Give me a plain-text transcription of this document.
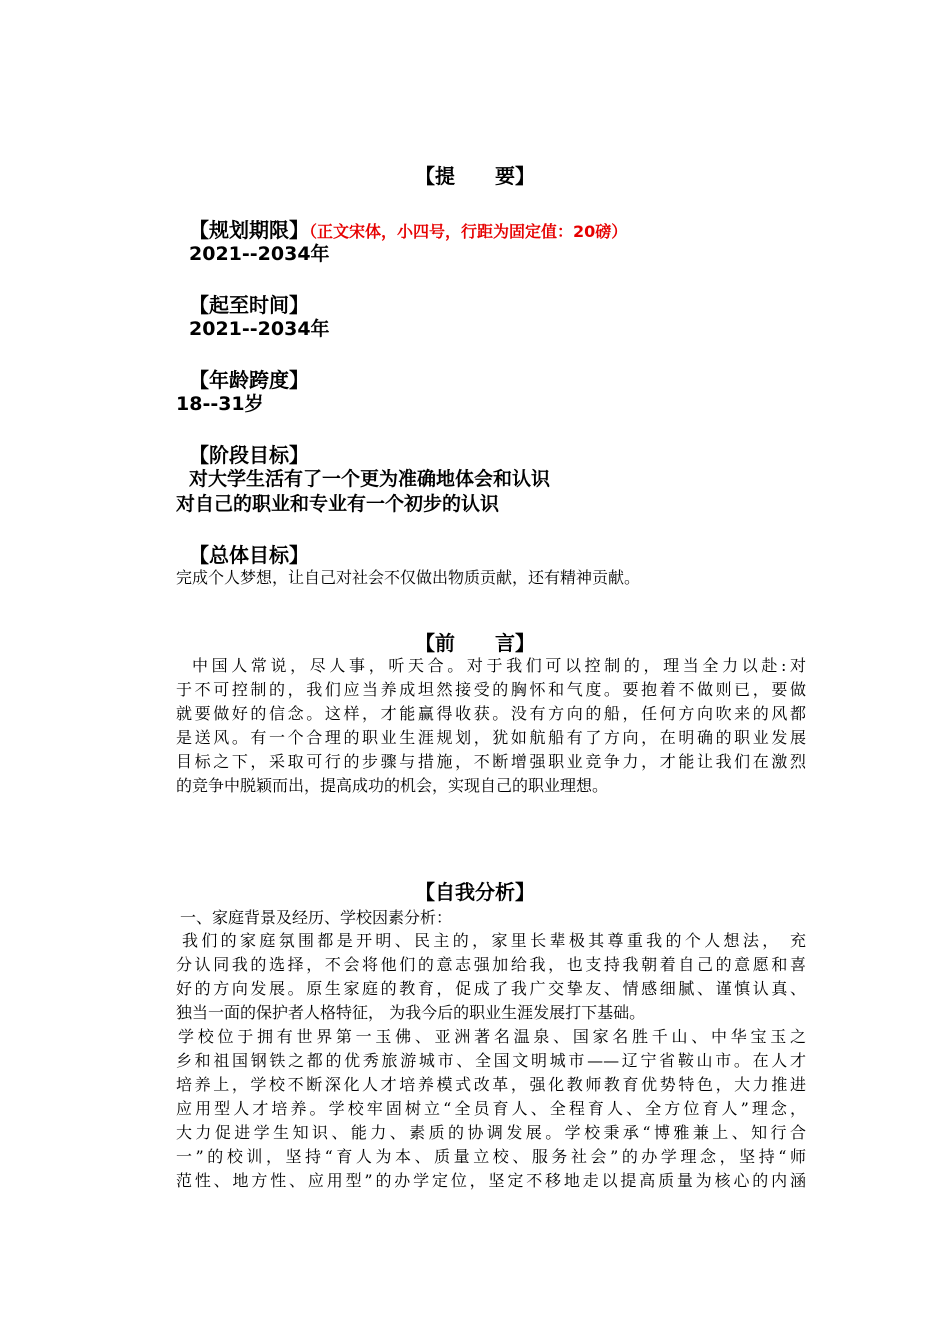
【提　　要】
【规划期限】（正文宋体，小四号，行距为固定值：20磅）
2021--2034年
【起至时间】
2021--2034年
【年龄跨度】
18--31岁
【阶段目标】
对大学生活有了一个更为准确地体会和认识
对自己的职业和专业有一个初步的认识
【总体目标】
完成个人梦想，让自己对社会不仅做出物质贡献，还有精神贡献。
【前　　言】
中国人常说，尽人事，听天合。对于我们可以控制的，理当全力以赴:对
于不可控制的，我们应当养成坦然接受的胸怀和气度。要抱着不做则已，要做
就要做好的信念。这样，才能赢得收获。没有方向的船，任何方向吹来的风都
是送风。有一个合理的职业生涯规划，犹如航船有了方向，在明确的职业发展
目标之下，采取可行的步骤与措施，不断增强职业竞争力，才能让我们在激烈
的竞争中脱颖而出，提高成功的机会，实现自己的职业理想。
【自我分析】
一、家庭背景及经历、学校因素分析：
我们的家庭氛围都是开明、民主的，家里长辈极其尊重我的个人想法， 充
分认同我的选择，不会将他们的意志强加给我，也支持我朝着自己的意愿和喜
好的方向发展。原生家庭的教育，促成了我广交挚友、情感细腻、谨慎认真、
独当一面的保护者人格特征， 为我今后的职业生涯发展打下基础。
学校位于拥有世界第一玉佛、亚洲著名温泉、国家名胜千山、中华宝玉之
乡和祖国钢铁之都的优秀旅游城市、全国文明城市——辽宁省鞍山市。在人才
培养上，学校不断深化人才培养模式改革，强化教师教育优势特色，大力推进
应用型人才培养。学校牢固树立“全员育人、全程育人、全方位育人”理念，
大力促进学生知识、能力、素质的协调发展。学校秉承“博雅兼上、知行合
一”的校训，坚持“育人为本、质量立校、服务社会”的办学理念，坚持“师
范性、地方性、应用型”的办学定位，坚定不移地走以提高质量为核心的内涵
